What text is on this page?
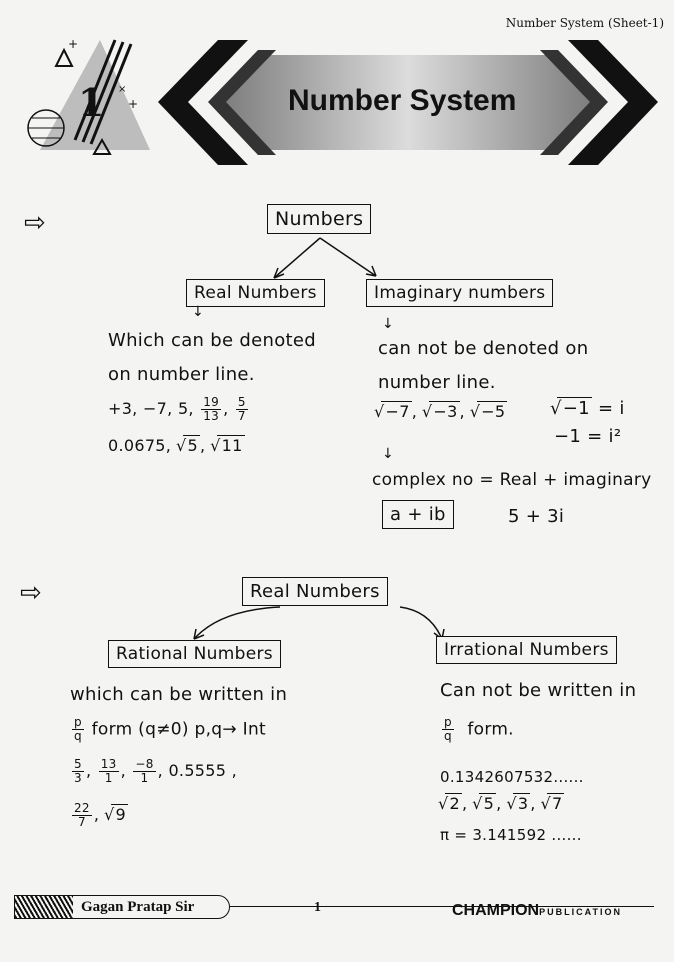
Number System (Sheet-1)
+
+
×
1	Number System
⇨	Numbers
Real Numbers
↓
Imaginary numbers
↓
Which can be denoted
on number line.
+3, −7, 5, $\frac{19}{13}$ , $\frac{5}{7}$
0.0675, √ 5 ,  √ 11
can not be denoted on
number line.
√ −7 ,  √ −3 ,  √ −5	√ −1 = i
−1 = i²
↓
complex no = Real + imaginary
a + ib	5 + 3i
⇨	Real Numbers
Rational Numbers	Irrational Numbers
which can be written in
$\frac{p}{q}$ form (q≠0) p,q→ Int
$\frac{5}{3}$ , $\frac{13}{1}$ , $\frac{-8}{1}$ , 0.5555 ,
$\frac{22}{7}$ ,  √ 9
Can not be written in
$\frac{p}{q}$ form.
0.1342607532......
√ 2 ,  √ 5 ,  √ 3 ,  √ 7
π = 3.141592 ......
Gagan Pratap Sir	1	CHAMPIONPUBLICATION
